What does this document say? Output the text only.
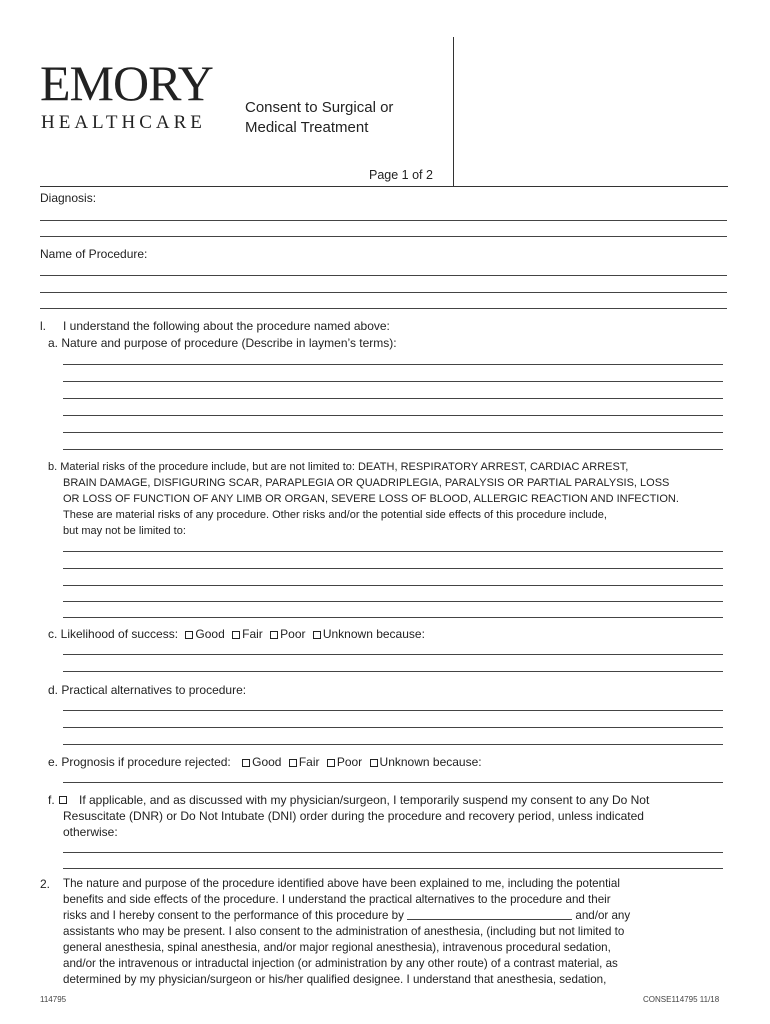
EMORY
HEALTHCARE
Consent to Surgical or
Medical Treatment
Page 1 of 2
Diagnosis:
Name of Procedure:
l. I understand the following about the procedure named above:
a. Nature and purpose of procedure (Describe in laymen’s terms):
b. Material risks of the procedure include, but are not limited to: DEATH, RESPIRATORY ARREST, CARDIAC ARREST,
BRAIN DAMAGE, DISFIGURING SCAR, PARAPLEGIA OR QUADRIPLEGIA, PARALYSIS OR PARTIAL PARALYSIS, LOSS
OR LOSS OF FUNCTION OF ANY LIMB OR ORGAN, SEVERE LOSS OF BLOOD, ALLERGIC REACTION AND INFECTION.
These are material risks of any procedure. Other risks and/or the potential side effects of this procedure include,
but may not be limited to:
c. Likelihood of success: Good Fair Poor Unknown because:
d. Practical alternatives to procedure:
e. Prognosis if procedure rejected: Good Fair Poor Unknown because:
f. If applicable, and as discussed with my physician/surgeon, I temporarily suspend my consent to any Do Not
Resuscitate (DNR) or Do Not Intubate (DNI) order during the procedure and recovery period, unless indicated
otherwise:
2. The nature and purpose of the procedure identified above have been explained to me, including the potential
benefits and side effects of the procedure. I understand the practical alternatives to the procedure and their
risks and I hereby consent to the performance of this procedure by	and/or any
assistants who may be present. I also consent to the administration of anesthesia, (including but not limited to
general anesthesia, spinal anesthesia, and/or major regional anesthesia), intravenous procedural sedation,
and/or the intravenous or intraductal injection (or administration by any other route) of a contrast material, as
determined by my physician/surgeon or his/her qualified designee. I understand that anesthesia, sedation,
114795	CONSE114795 11/18
